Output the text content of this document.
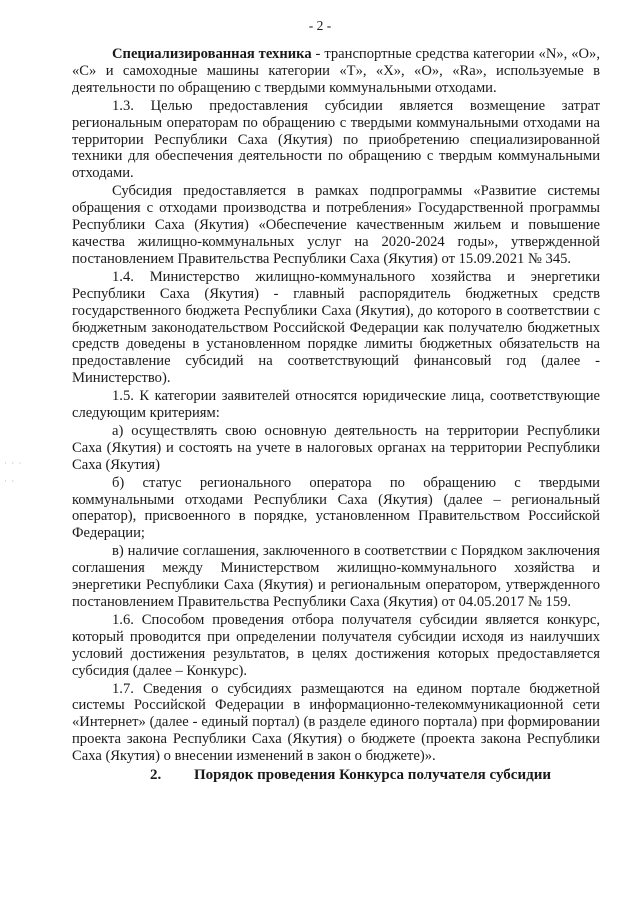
- 2 -
· · ·
· ·

Специализированная техника - транспортные средства категории «N», «O», «C» и самоходные машины категории «T», «X», «O», «Ra», используемые в деятельности по обращению с твердыми коммунальными отходами.

1.3. Целью предоставления субсидии является возмещение затрат региональным операторам по обращению с твердыми коммунальными отходами на территории Республики Саха (Якутия) по приобретению специализированной техники для обеспечения деятельности по обращению с твердым коммунальными отходами.

Субсидия предоставляется в рамках подпрограммы «Развитие системы обращения с отходами производства и потребления» Государственной программы Республики Саха (Якутия) «Обеспечение качественным жильем и повышение качества жилищно-коммунальных услуг на 2020-2024 годы», утвержденной постановлением Правительства Республики Саха (Якутия) от 15.09.2021 № 345.

1.4. Министерство жилищно-коммунального хозяйства и энергетики Республики Саха (Якутия) - главный распорядитель бюджетных средств государственного бюджета Республики Саха (Якутия), до которого в соответствии с бюджетным законодательством Российской Федерации как получателю бюджетных средств доведены в установленном порядке лимиты бюджетных обязательств на предоставление субсидий на соответствующий финансовый год (далее - Министерство).

1.5. К категории заявителей относятся юридические лица, соответствующие следующим критериям:

а) осуществлять свою основную деятельность на территории Республики Саха (Якутия) и состоять на учете в налоговых органах на территории Республики Саха (Якутия)

б) статус регионального оператора по обращению с твердыми коммунальными отходами Республики Саха (Якутия) (далее – региональный оператор), присвоенного в порядке, установленном Правительством Российской Федерации;

в) наличие соглашения, заключенного в соответствии с Порядком заключения соглашения между Министерством жилищно-коммунального хозяйства и энергетики Республики Саха (Якутия) и региональным оператором, утвержденного постановлением Правительства Республики Саха (Якутия) от 04.05.2017 № 159.

1.6. Способом проведения отбора получателя субсидии является конкурс, который проводится при определении получателя субсидии исходя из наилучших условий достижения результатов, в целях достижения которых предоставляется субсидия (далее – Конкурс).

1.7. Сведения о субсидиях размещаются на едином портале бюджетной системы Российской Федерации в информационно-телекоммуникационной сети «Интернет» (далее - единый портал) (в разделе единого портала) при формировании проекта закона Республики Саха (Якутия) о бюджете (проекта закона Республики Саха (Якутия) о внесении изменений в закон о бюджете)».

2. Порядок проведения Конкурса получателя субсидии
